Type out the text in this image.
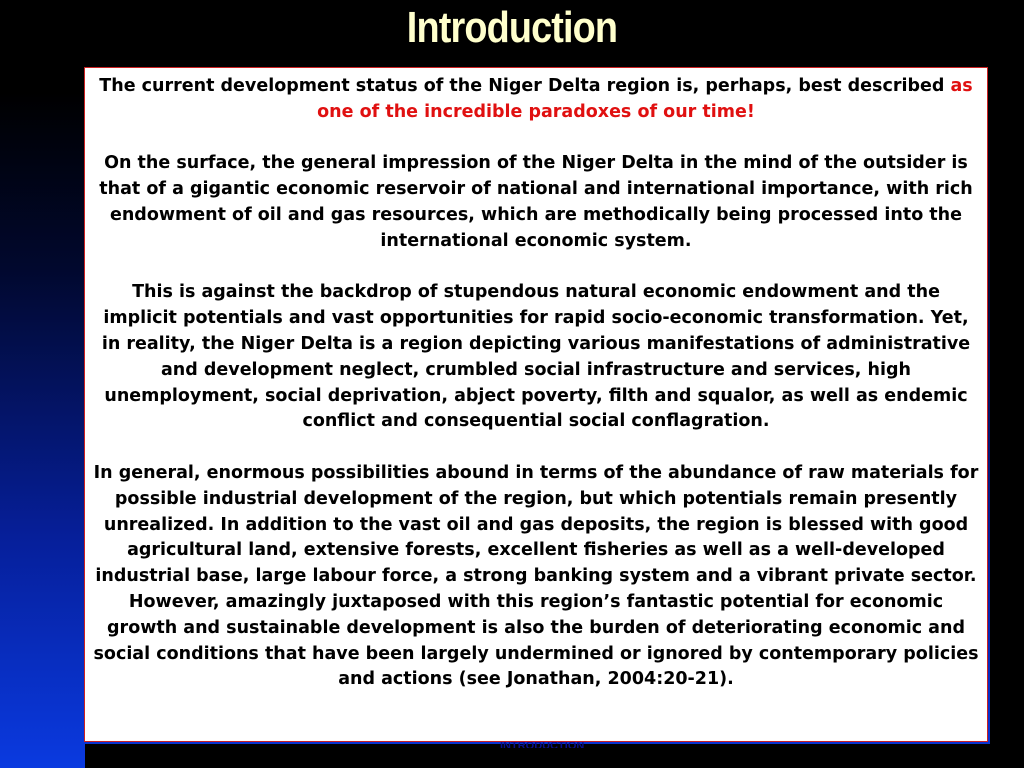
Introduction
INTRODUCTION

The current development status of the Niger Delta region is, perhaps, best described as one of the incredible paradoxes of our time!

On the surface, the general impression of the Niger Delta in the mind of the outsider is that of a gigantic economic reservoir of national and international importance, with rich endowment of oil and gas resources, which are methodically being processed into the international economic system.

This is against the backdrop of stupendous natural economic endowment and the implicit potentials and vast opportunities for rapid socio-economic transformation. Yet, in reality, the Niger Delta is a region depicting various manifestations of administrative and development neglect, crumbled social infrastructure and services, high unemployment, social deprivation, abject poverty, filth and squalor, as well as endemic conflict and consequential social conflagration.

In general, enormous possibilities abound in terms of the abundance of raw materials for possible industrial development of the region, but which potentials remain presently unrealized. In addition to the vast oil and gas deposits, the region is blessed with good agricultural land, extensive forests, excellent fisheries as well as a well-developed industrial base, large labour force, a strong banking system and a vibrant private sector. However, amazingly juxtaposed with this region’s fantastic potential for economic growth and sustainable development is also the burden of deteriorating economic and social conditions that have been largely undermined or ignored by contemporary policies and actions (see Jonathan, 2004:20-21).
